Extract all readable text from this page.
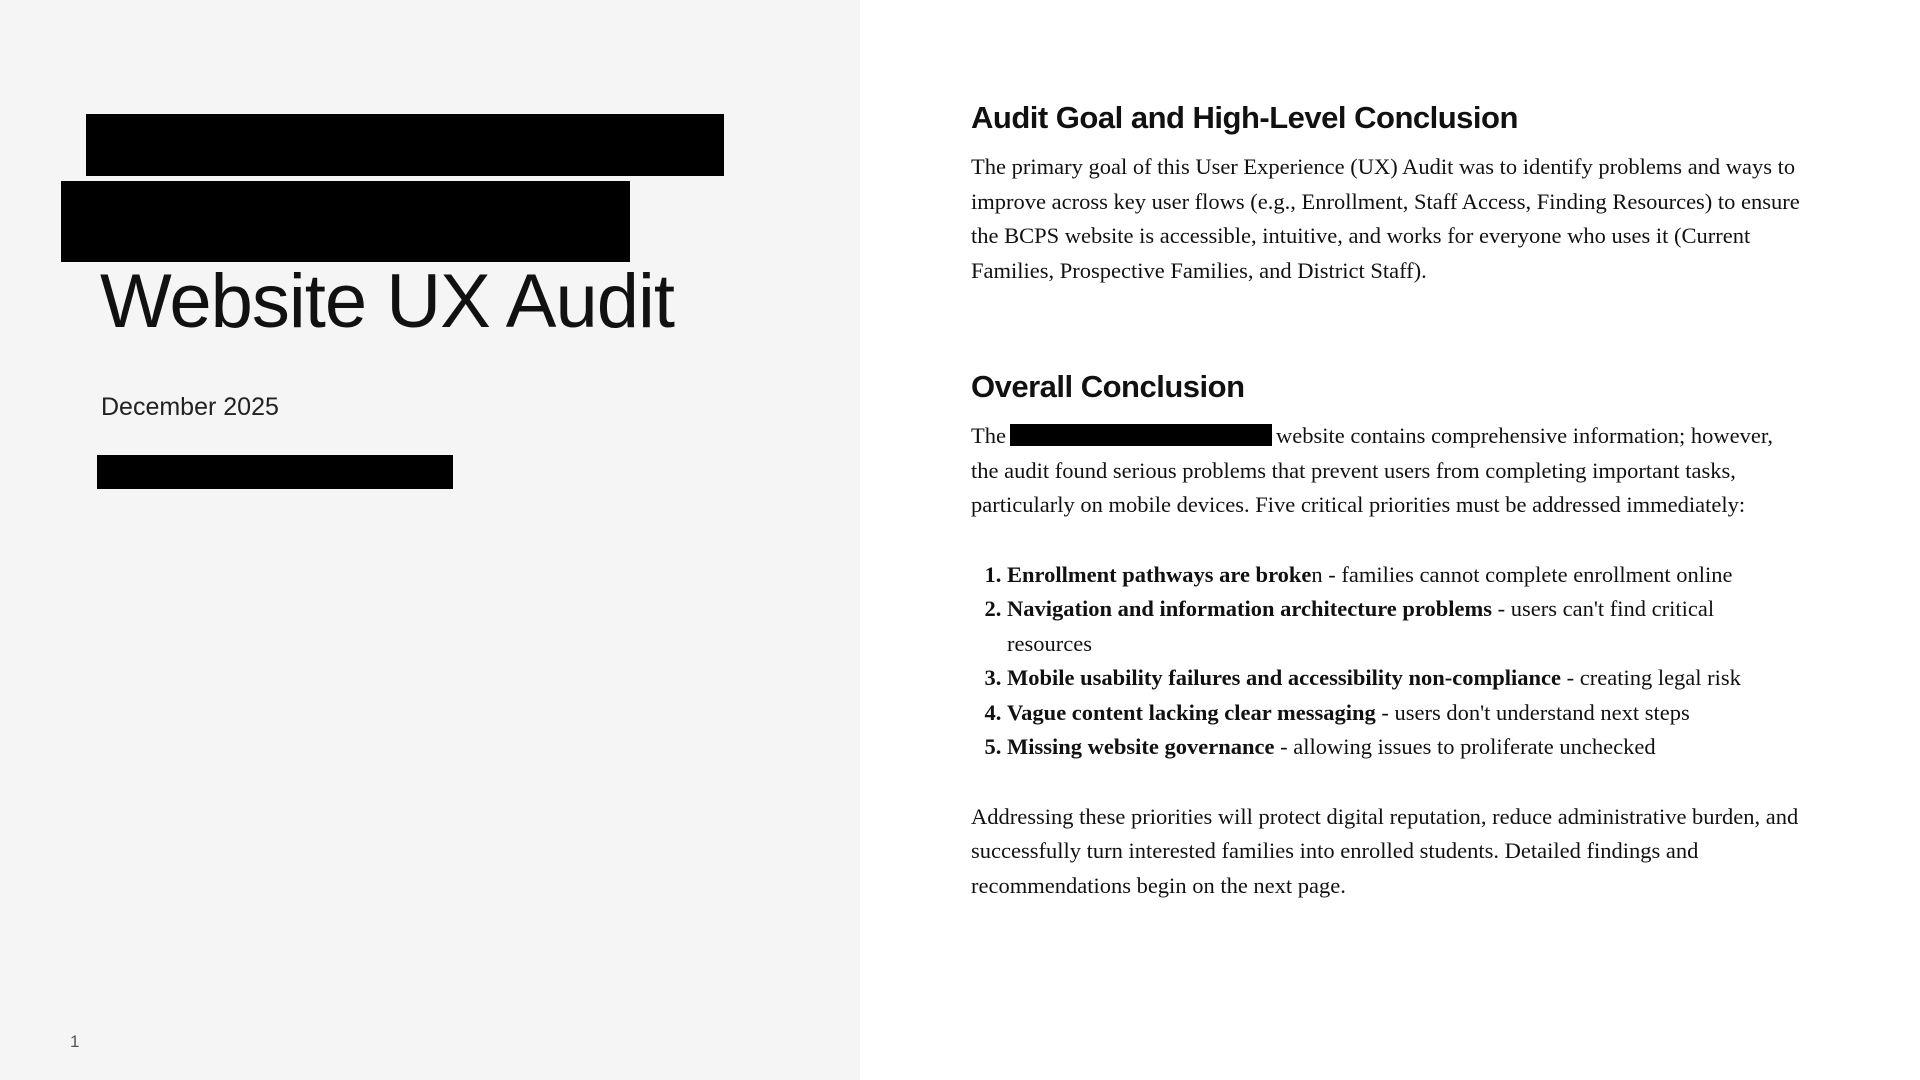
Website UX Audit
December 2025
1
Audit Goal and High-Level Conclusion

The primary goal of this User Experience (UX) Audit was to identify problems and ways to improve across key user flows (e.g., Enrollment, Staff Access, Finding Resources) to ensure the BCPS website is accessible, intuitive, and works for everyone who uses it (Current Families, Prospective Families, and District Staff).

Overall Conclusion

The	website contains comprehensive information; however, the audit found serious problems that prevent users from completing important tasks, particularly on mobile devices. Five critical priorities must be addressed immediately:

1. Enrollment pathways are broken - families cannot complete enrollment online
2. Navigation and information architecture problems - users can't find critical resources
3. Mobile usability failures and accessibility non-compliance - creating legal risk
4. Vague content lacking clear messaging - users don't understand next steps
5. Missing website governance - allowing issues to proliferate unchecked

Addressing these priorities will protect digital reputation, reduce administrative burden, and successfully turn interested families into enrolled students. Detailed findings and recommendations begin on the next page.
